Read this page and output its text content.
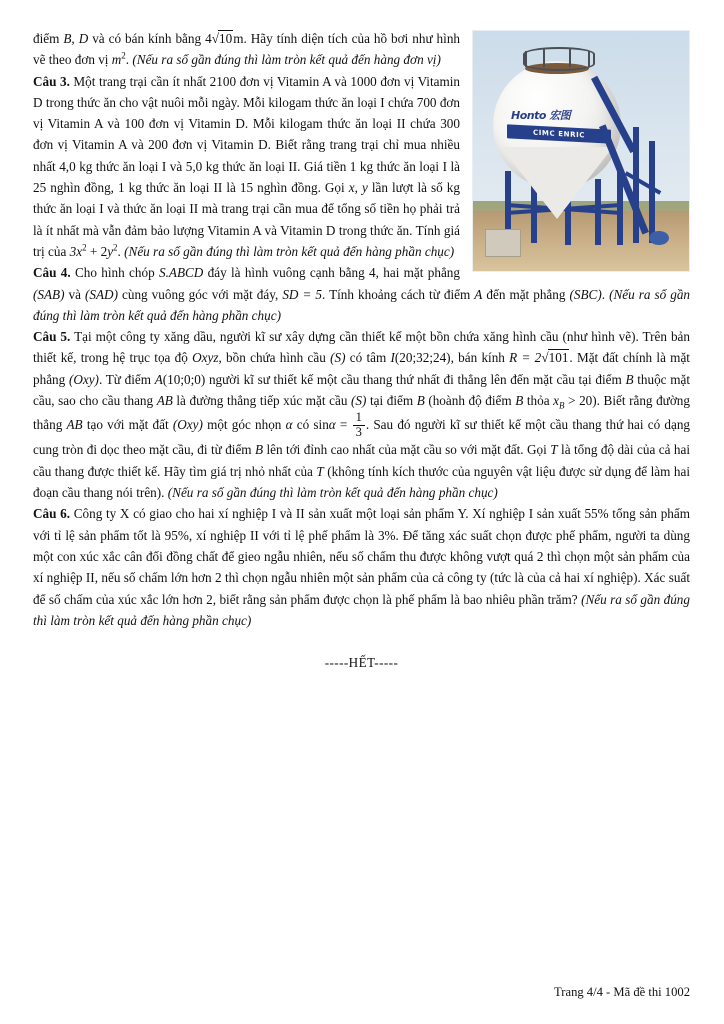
Honto 宏图
CIMC ENRIC

điểm B, D và có bán kính bằng 4√10m. Hãy tính diện tích của hồ bơi như hình vẽ theo đơn vị $m^2$. (Nếu ra số gần đúng thì làm tròn kết quả đến hàng đơn vị)

Câu 3. Một trang trại cần ít nhất 2100 đơn vị Vitamin A và 1000 đơn vị Vitamin D trong thức ăn cho vật nuôi mỗi ngày. Mỗi kilogam thức ăn loại I chứa 700 đơn vị Vitamin A và 100 đơn vị Vitamin D. Mỗi kilogam thức ăn loại II chứa 300 đơn vị Vitamin A và 200 đơn vị Vitamin D. Biết rằng trang trại chỉ mua nhiều nhất 4,0 kg thức ăn loại I và 5,0 kg thức ăn loại II. Giá tiền 1 kg thức ăn loại I là 25 nghìn đồng, 1 kg thức ăn loại II là 15 nghìn đồng. Gọi x, y lần lượt là số kg thức ăn loại I và thức ăn loại II mà trang trại cần mua để tổng số tiền họ phải trả là ít nhất mà vẫn đảm bảo lượng Vitamin A và Vitamin D trong thức ăn. Tính giá trị của $3x^2 + 2y^2$. (Nếu ra số gần đúng thì làm tròn kết quả đến hàng phần chục)

Câu 4. Cho hình chóp S.ABCD đáy là hình vuông cạnh bằng 4, hai mặt phẳng (SAB) và (SAD) cùng vuông góc với mặt đáy, SD = 5. Tính khoảng cách từ điểm A đến mặt phẳng (SBC). (Nếu ra số gần đúng thì làm tròn kết quả đến hàng phần chục)

Câu 5. Tại một công ty xăng dầu, người kĩ sư xây dựng cần thiết kế một bồn chứa xăng hình cầu (như hình vẽ). Trên bản thiết kế, trong hệ trục tọa độ Oxyz, bồn chứa hình cầu (S) có tâm I(20;32;24), bán kính R = 2√101. Mặt đất chính là mặt phẳng (Oxy). Từ điểm A(10;0;0) người kĩ sư thiết kế một cầu thang thứ nhất đi thẳng lên đến mặt cầu tại điểm B thuộc mặt cầu, sao cho cầu thang AB là đường thẳng tiếp xúc mặt cầu (S) tại điểm B (hoành độ điểm B thỏa $x_B > 20$). Biết rằng đường thẳng AB tạo với mặt đất (Oxy) một góc nhọn α có $\sin\alpha = \frac{1}{3}$ . Sau đó người kĩ sư thiết kế một cầu thang thứ hai có dạng cung tròn đi dọc theo mặt cầu, đi từ điểm B lên tới đỉnh cao nhất của mặt cầu so với mặt đất. Gọi T là tổng độ dài của cả hai cầu thang được thiết kế. Hãy tìm giá trị nhỏ nhất của T (không tính kích thước của nguyên vật liệu được sử dụng để làm hai đoạn cầu thang nói trên). (Nếu ra số gần đúng thì làm tròn kết quả đến hàng phần chục)

Câu 6. Công ty X có giao cho hai xí nghiệp I và II sản xuất một loại sản phẩm Y. Xí nghiệp I sản xuất 55% tổng sản phẩm với tỉ lệ sản phẩm tốt là 95%, xí nghiệp II với tỉ lệ phế phẩm là 3%. Để tăng xác suất chọn được phế phẩm, người ta dùng một con xúc xắc cân đối đồng chất để gieo ngẫu nhiên, nếu số chấm thu được không vượt quá 2 thì chọn một sản phẩm của xí nghiệp II, nếu số chấm lớn hơn 2 thì chọn ngẫu nhiên một sản phẩm của cả công ty (tức là của cả hai xí nghiệp). Xác suất để số chấm của xúc xắc lớn hơn 2, biết rằng sản phẩm được chọn là phế phẩm là bao nhiêu phần trăm? (Nếu ra số gần đúng thì làm tròn kết quả đến hàng phần chục)

-----HẾT-----

Trang 4/4 - Mã đề thi 1002
